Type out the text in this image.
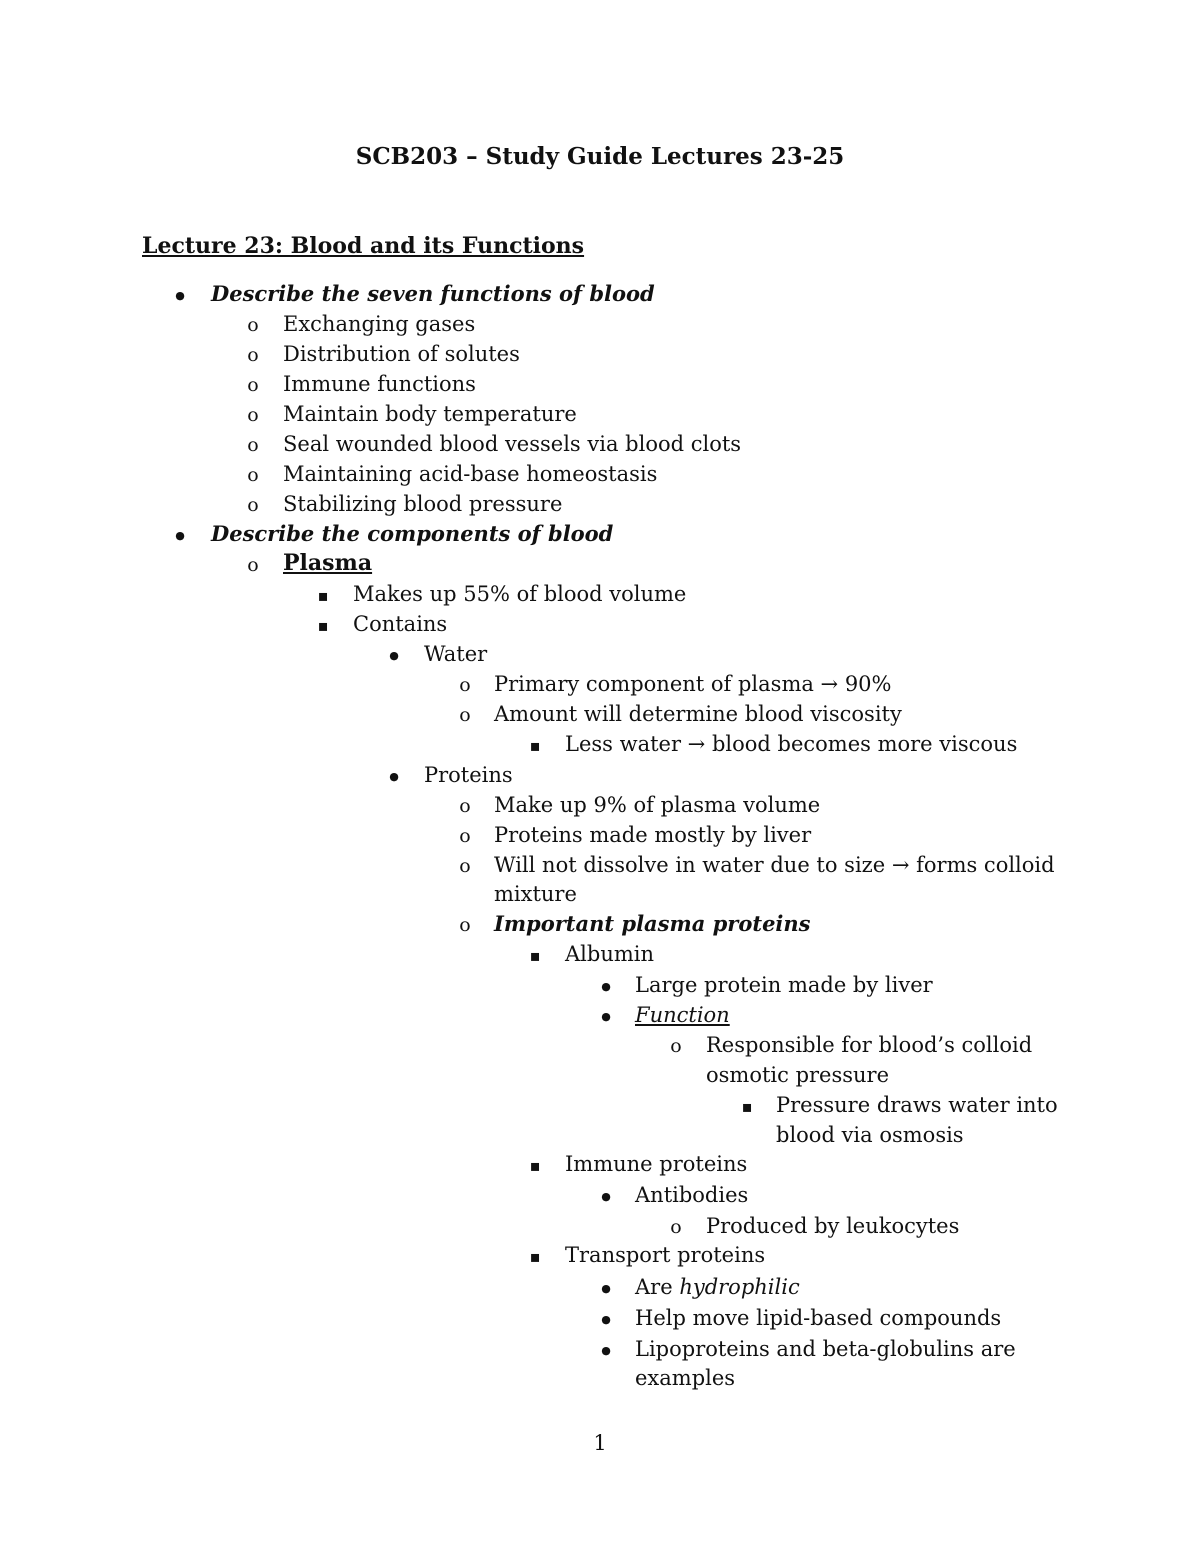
SCB203 – Study Guide Lectures 23-25
Lecture 23: Blood and its Functions
●
Describe the seven functions of blood
o
Exchanging gases
o
Distribution of solutes
o
Immune functions
o
Maintain body temperature
o
Seal wounded blood vessels via blood clots
o
Maintaining acid-base homeostasis
o
Stabilizing blood pressure
●
Describe the components of blood
o
Plasma
▪
Makes up 55% of blood volume
▪
Contains
●
Water
o
Primary component of plasma → 90%
o
Amount will determine blood viscosity
▪
Less water → blood becomes more viscous
●
Proteins
o
Make up 9% of plasma volume
o
Proteins made mostly by liver
o
Will not dissolve in water due to size → forms colloid
mixture
o
Important plasma proteins
▪
Albumin
●
Large protein made by liver
●
Function
o
Responsible for blood’s colloid
osmotic pressure
▪
Pressure draws water into
blood via osmosis
▪
Immune proteins
●
Antibodies
o
Produced by leukocytes
▪
Transport proteins
●
Are hydrophilic
●
Help move lipid-based compounds
●
Lipoproteins and beta-globulins are
examples
1
